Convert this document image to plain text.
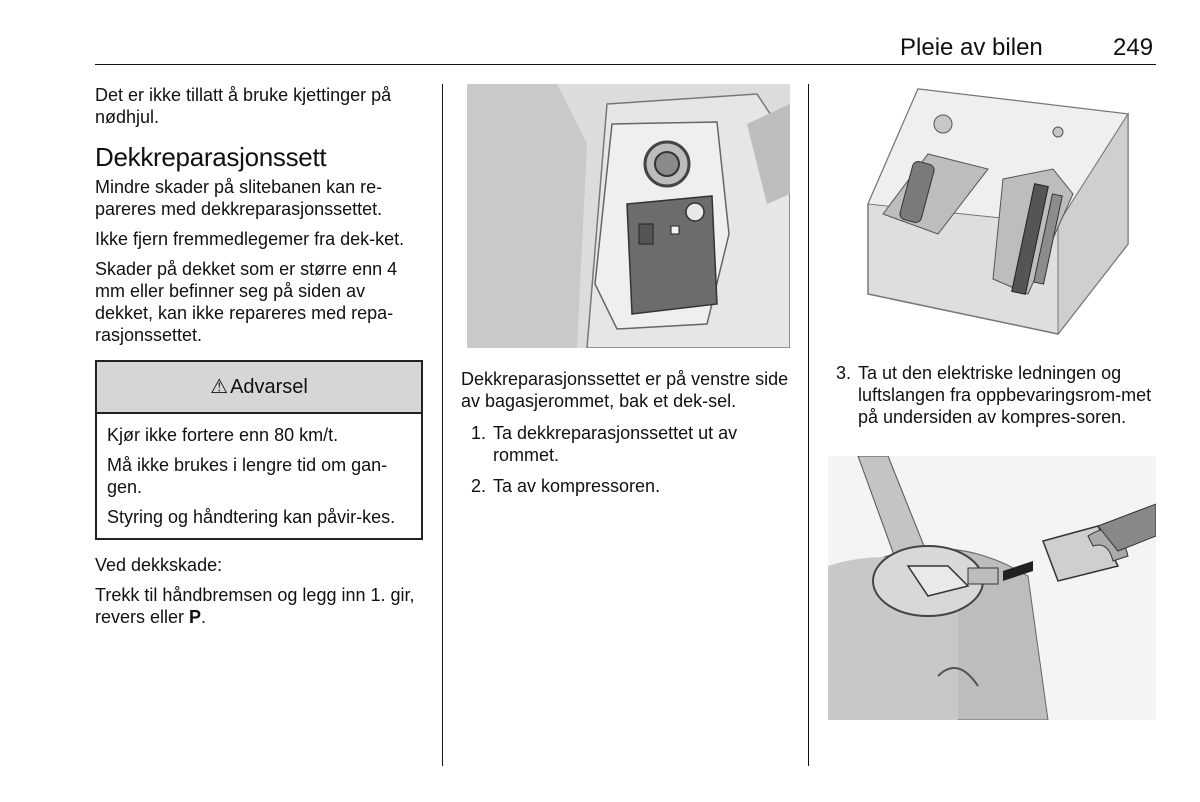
Pleie av bilen	249

Det er ikke tillatt å bruke kjettinger på nødhjul.

Dekkreparasjonssett

Mindre skader på slitebanen kan re-pareres med dekkreparasjonssettet.

Ikke fjern fremmedlegemer fra dek-ket.

Skader på dekket som er større enn 4 mm eller befinner seg på siden av dekket, kan ikke repareres med repa-rasjonssettet.

⚠ Advarsel

Kjør ikke fortere enn 80 km/t.

Må ikke brukes i lengre tid om gan-gen.

Styring og håndtering kan påvir-kes.

Ved dekkskade:

Trekk til håndbremsen og legg inn 1. gir, revers eller P.

Dekkreparasjonssettet er på venstre side av bagasjerommet, bak et dek-sel.

1. Ta dekkreparasjonssettet ut av rommet.
2. Ta av kompressoren.
3. Ta ut den elektriske ledningen og luftslangen fra oppbevaringsrom-met på undersiden av kompres-soren.
